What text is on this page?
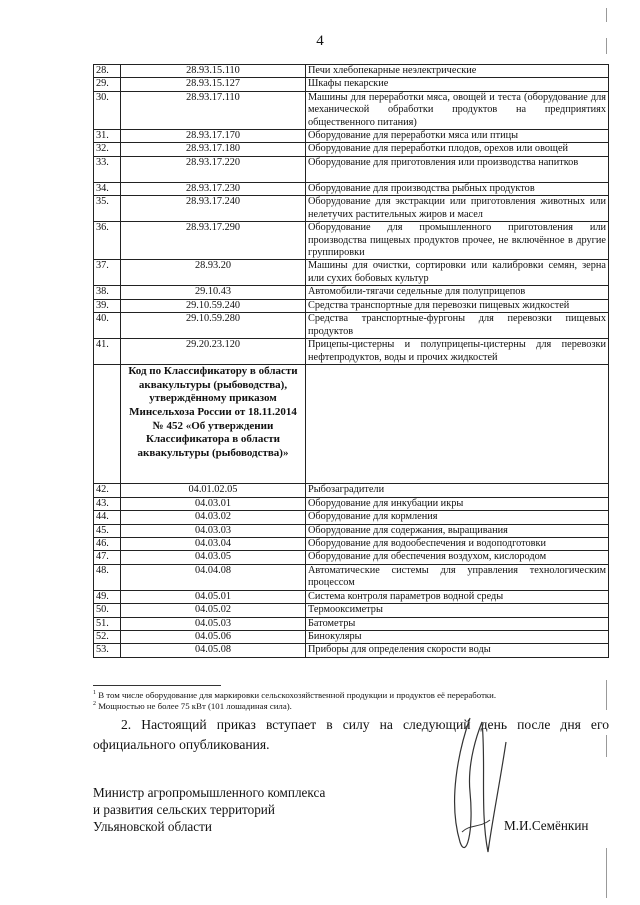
4
28.	28.93.15.110	Печи хлебопекарные неэлектрические
29.	28.93.15.127	Шкафы пекарские
30.	28.93.17.110	Машины для переработки мяса, овощей и теста (оборудование для механической обработки продуктов на предприятиях общественного питания)
31.	28.93.17.170	Оборудование для переработки мяса или птицы
32.	28.93.17.180	Оборудование для переработки плодов, орехов или овощей
33.	28.93.17.220	Оборудование для приготовления или производства напитков
34.	28.93.17.230	Оборудование для производства рыбных продуктов
35.	28.93.17.240	Оборудование для экстракции или приготовления животных или нелетучих растительных жиров и масел
36.	28.93.17.290	Оборудование для промышленного приготовления или производства пищевых продуктов прочее, не включённое в другие группировки
37.	28.93.20	Машины для очистки, сортировки или калибровки семян, зерна или сухих бобовых культур
38.	29.10.43	Автомобили-тягачи седельные для полуприцепов
39.	29.10.59.240	Средства транспортные для перевозки пищевых жидкостей
40.	29.10.59.280	Средства транспортные-фургоны для перевозки пищевых продуктов
41.	29.20.23.120	Прицепы-цистерны и полуприцепы-цистерны для перевозки нефтепродуктов, воды и прочих жидкостей
	Код по Классификатору в области аквакультуры (рыбоводства), утверждённому приказом Минсельхоза России от 18.11.2014 № 452 «Об утверждении Классификатора в области аквакультуры (рыбоводства)»	
42.	04.01.02.05	Рыбозаградители
43.	04.03.01	Оборудование для инкубации икры
44.	04.03.02	Оборудование для кормления
45.	04.03.03	Оборудование для содержания, выращивания
46.	04.03.04	Оборудование для водообеспечения и водоподготовки
47.	04.03.05	Оборудование для обеспечения воздухом, кислородом
48.	04.04.08	Автоматические системы для управления технологическим процессом
49.	04.05.01	Система контроля параметров водной среды
50.	04.05.02	Термооксиметры
51.	04.05.03	Батометры
52.	04.05.06	Бинокуляры
53.	04.05.08	Приборы для определения скорости воды
$^1$ В том числе оборудование для маркировки сельскохозяйственной продукции и продуктов её переработки.
$^2$ Мощностью не более 75 кВт (101 лошадиная сила).
2. Настоящий приказ вступает в силу на следующий день после дня его официального опубликования.
Министр агропромышленного комплекса
и развития сельских территорий
Ульяновской области	М.И.Семёнкин
